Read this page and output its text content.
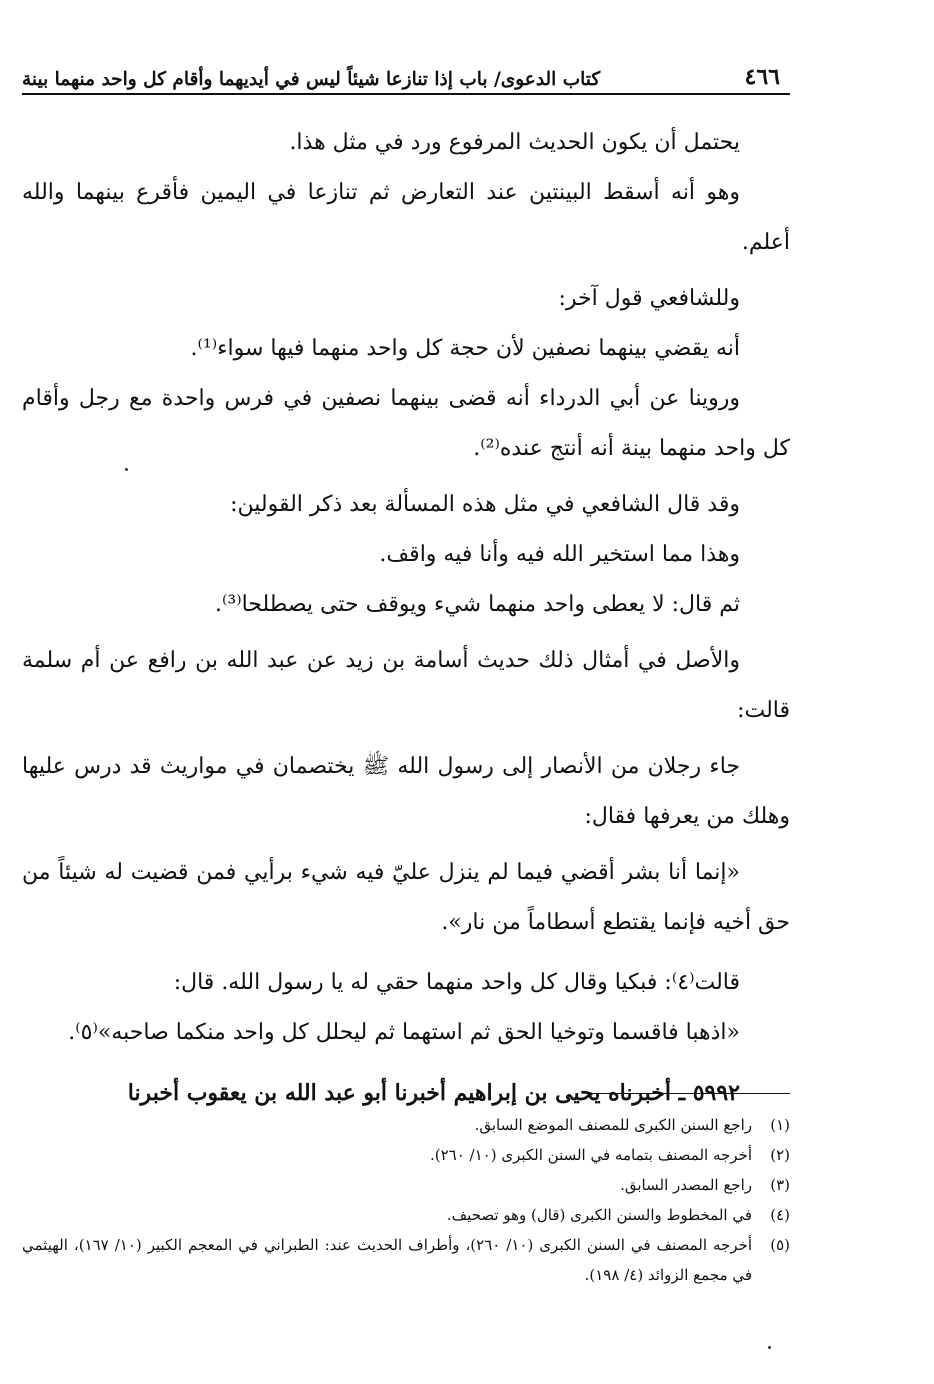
٤٦٦
كتاب الدعوى/ باب إذا تنازعا شيئاً ليس في أيديهما وأقام كل واحد منهما بينة

يحتمل أن يكون الحديث المرفوع ورد في مثل هذا.

وهو أنه أسقط البينتين عند التعارض ثم تنازعا في اليمين فأقرع بينهما والله أعلم.

وللشافعي قول آخر:

أنه يقضي بينهما نصفين لأن حجة كل واحد منهما فيها سواء⁽¹⁾.

وروينا عن أبي الدرداء أنه قضى بينهما نصفين في فرس واحدة مع رجل وأقام كل واحد منهما بينة أنه أنتج عنده⁽²⁾.

وقد قال الشافعي في مثل هذه المسألة بعد ذكر القولين:

وهذا مما استخير الله فيه وأنا فيه واقف.

ثم قال: لا يعطى واحد منهما شيء ويوقف حتى يصطلحا⁽³⁾.

والأصل في أمثال ذلك حديث أسامة بن زيد عن عبد الله بن رافع عن أم سلمة قالت:

جاء رجلان من الأنصار إلى رسول الله ﷺ يختصمان في مواريث قد درس عليها وهلك من يعرفها فقال:

«إنما أنا بشر أقضي فيما لم ينزل عليّ فيه شيء برأيي فمن قضيت له شيئاً من حق أخيه فإنما يقتطع أسطاماً من نار».

قالت⁽٤⁾: فبكيا وقال كل واحد منهما حقي له يا رسول الله. قال:

«اذهبا فاقسما وتوخيا الحق ثم استهما ثم ليحلل كل واحد منكما صاحبه»⁽٥⁾.

٥٩٩٢ ـ أخبرناه يحيى بن إبراهيم أخبرنا أبو عبد الله بن يعقوب أخبرنا

(١)
راجع السنن الكبرى للمصنف الموضع السابق.
(٢)
أخرجه المصنف بتمامه في السنن الكبرى (١٠/ ٢٦٠).
(٣)
راجع المصدر السابق.
(٤)
في المخطوط والسنن الكبرى (قال) وهو تصحيف.
(٥)
أخرجه المصنف في السنن الكبرى (١٠/ ٢٦٠)، وأطراف الحديث عند: الطبراني في المعجم الكبير (١٠/ ١٦٧)، الهيثمي في مجمع الزوائد (٤/ ١٩٨).
